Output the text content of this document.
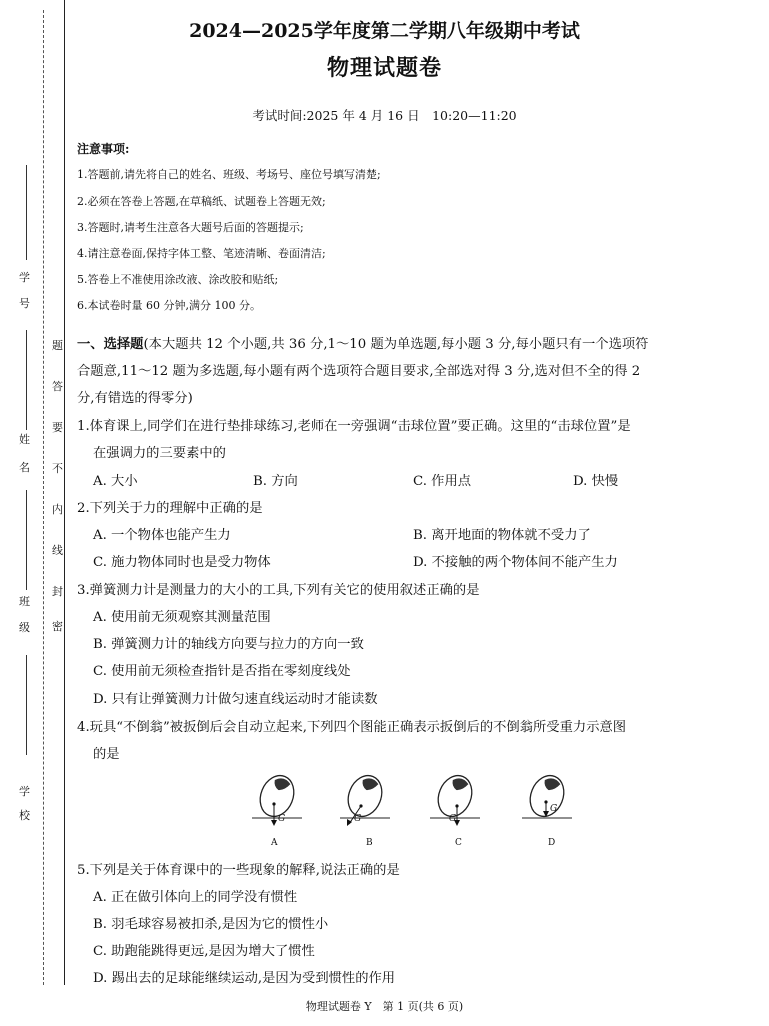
题
答
要
不
内
线
封
密
学
号
姓
名
班
级
学
校
2024—2025学年度第二学期八年级期中考试
物理试题卷
考试时间:2025 年 4 月 16 日　10:20—11:20
注意事项:
1.答题前,请先将自己的姓名、班级、考场号、座位号填写清楚;
2.必须在答卷上答题,在草稿纸、试题卷上答题无效;
3.答题时,请考生注意各大题号后面的答题提示;
4.请注意卷面,保持字体工整、笔迹清晰、卷面清洁;
5.答卷上不准使用涂改液、涂改胶和贴纸;
6.本试卷时量 60 分钟,满分 100 分。
一、选择题(本大题共 12 个小题,共 36 分,1～10 题为单选题,每小题 3 分,每小题只有一个选项符
合题意,11～12 题为多选题,每小题有两个选项符合题目要求,全部选对得 3 分,选对但不全的得 2
分,有错选的得零分)
1.体育课上,同学们在进行垫排球练习,老师在一旁强调“击球位置”要正确。这里的“击球位置”是
在强调力的三要素中的
A. 大小	B. 方向	C. 作用点	D. 快慢
2.下列关于力的理解中正确的是
A. 一个物体也能产生力	B. 离开地面的物体就不受力了
C. 施力物体同时也是受力物体	D. 不接触的两个物体间不能产生力
3.弹簧测力计是测量力的大小的工具,下列有关它的使用叙述正确的是
A. 使用前无须观察其测量范围
B. 弹簧测力计的轴线方向要与拉力的方向一致
C. 使用前无须检查指针是否指在零刻度线处
D. 只有让弹簧测力计做匀速直线运动时才能读数
4.玩具“不倒翁”被扳倒后会自动立起来,下列四个图能正确表示扳倒后的不倒翁所受重力示意图
的是
G
A
G
B
G
C
G
D
5.下列是关于体育课中的一些现象的解释,说法正确的是
A. 正在做引体向上的同学没有惯性
B. 羽毛球容易被扣杀,是因为它的惯性小
C. 助跑能跳得更远,是因为增大了惯性
D. 踢出去的足球能继续运动,是因为受到惯性的作用
物理试题卷 Y　第 1 页(共 6 页)
